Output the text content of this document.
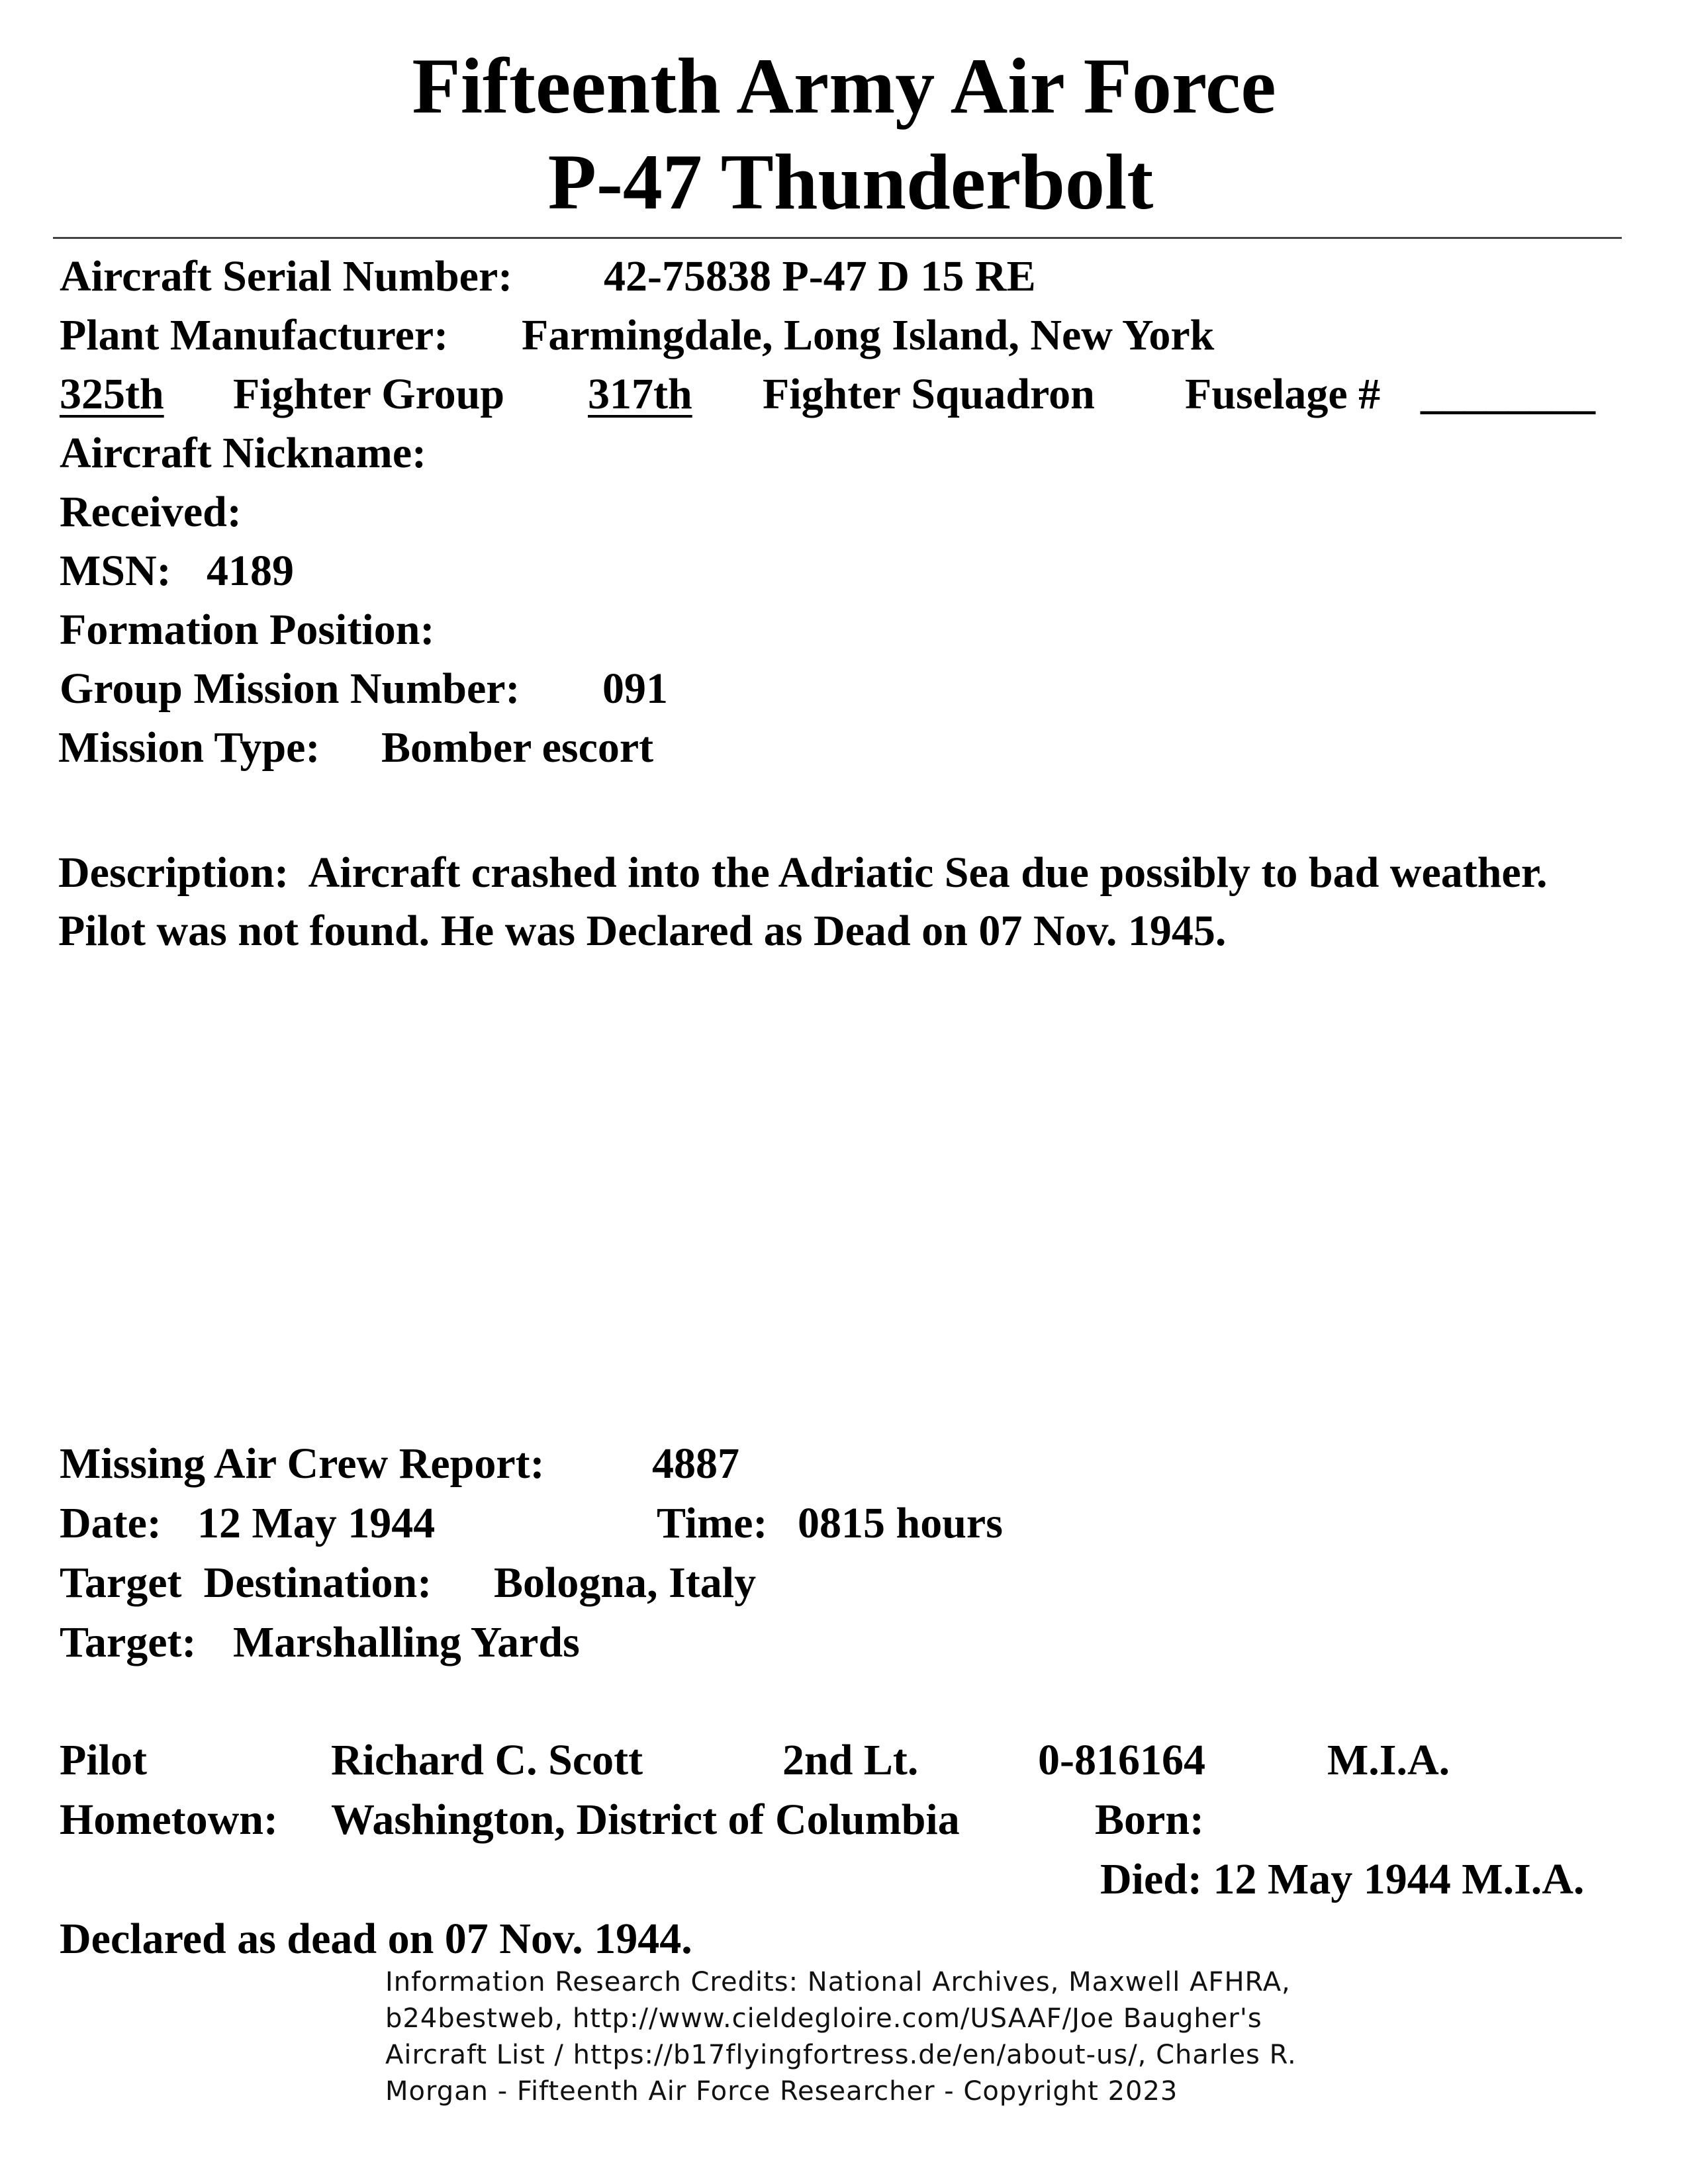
Fifteenth Army Air Force
P-47 Thunderbolt
Aircraft Serial Number: 42-75838 P-47 D 15 RE
Plant Manufacturer: Farmingdale, Long Island, New York
325th Fighter Group 317th Fighter Squadron Fuselage # ________
Aircraft Nickname:
Received:
MSN: 4189
Formation Position:
Group Mission Number: 091
Mission Type: Bomber escort
Description: Aircraft crashed into the Adriatic Sea due possibly to bad weather. Pilot was not found. He was Declared as Dead on 07 Nov. 1945.
Missing Air Crew Report: 4887
Date: 12 May 1944	Time: 0815 hours
Target  Destination: Bologna, Italy
Target: Marshalling Yards
Pilot	Richard C. Scott	2nd Lt.	0-816164	M.I.A.
Hometown: Washington, District of Columbia	Born:
Died: 12 May 1944 M.I.A.
Declared as dead on 07 Nov. 1944.
Information Research Credits: National Archives, Maxwell AFHRA, b24bestweb, http://www.cieldegloire.com/USAAF/Joe Baugher's Aircraft List / https://b17flyingfortress.de/en/about-us/, Charles R. Morgan - Fifteenth Air Force Researcher - Copyright 2023
